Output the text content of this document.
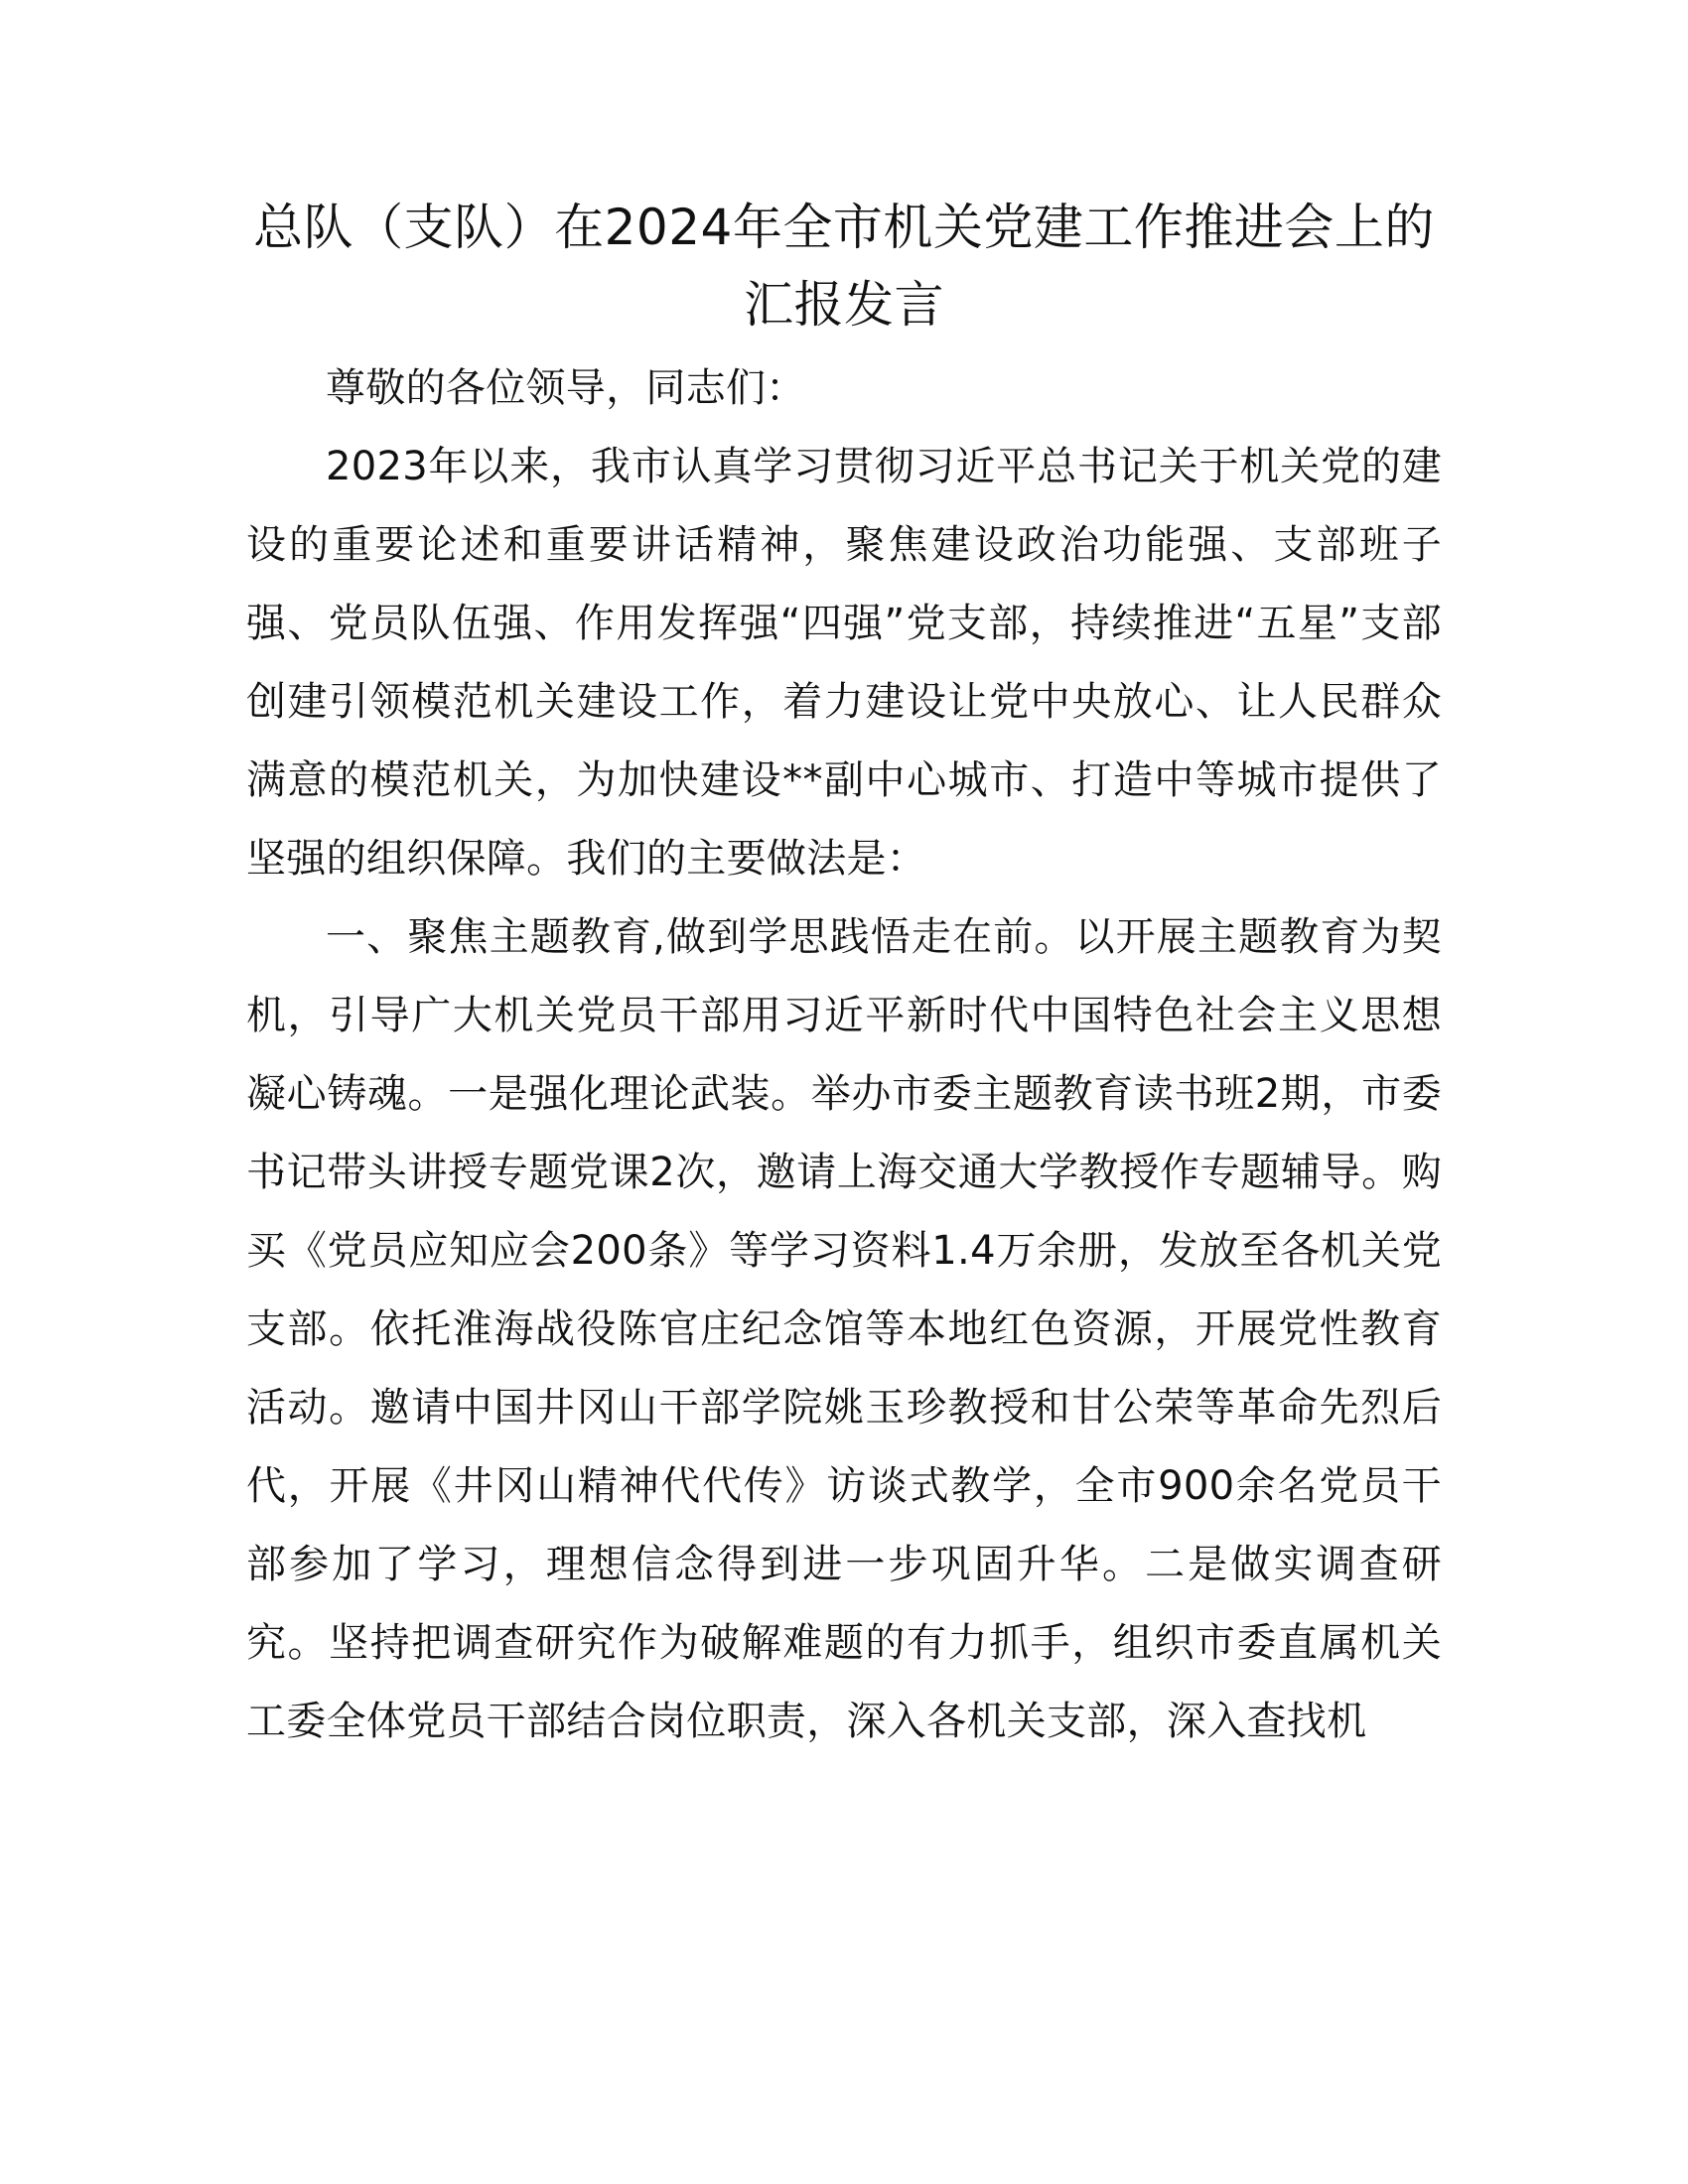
总队（支队）在2024年全市机关党建工作推进会上的汇报发言

尊敬的各位领导，同志们：

2023年以来，我市认真学习贯彻习近平总书记关于机关党的建设的重要论述和重要讲话精神，聚焦建设政治功能强、支部班子强、党员队伍强、作用发挥强“四强”党支部，持续推进“五星”支部创建引领模范机关建设工作，着力建设让党中央放心、让人民群众满意的模范机关，为加快建设**副中心城市、打造中等城市提供了坚强的组织保障。我们的主要做法是：

一、聚焦主题教育,做到学思践悟走在前。以开展主题教育为契机，引导广大机关党员干部用习近平新时代中国特色社会主义思想凝心铸魂。一是强化理论武装。举办市委主题教育读书班2期，市委书记带头讲授专题党课2次，邀请上海交通大学教授作专题辅导。购买《党员应知应会200条》等学习资料1.4万余册，发放至各机关党支部。依托淮海战役陈官庄纪念馆等本地红色资源，开展党性教育活动。邀请中国井冈山干部学院姚玉珍教授和甘公荣等革命先烈后代，开展《井冈山精神代代传》访谈式教学，全市900余名党员干部参加了学习，理想信念得到进一步巩固升华。二是做实调查研究。坚持把调查研究作为破解难题的有力抓手，组织市委直属机关工委全体党员干部结合岗位职责，深入各机关支部，深入查找机
